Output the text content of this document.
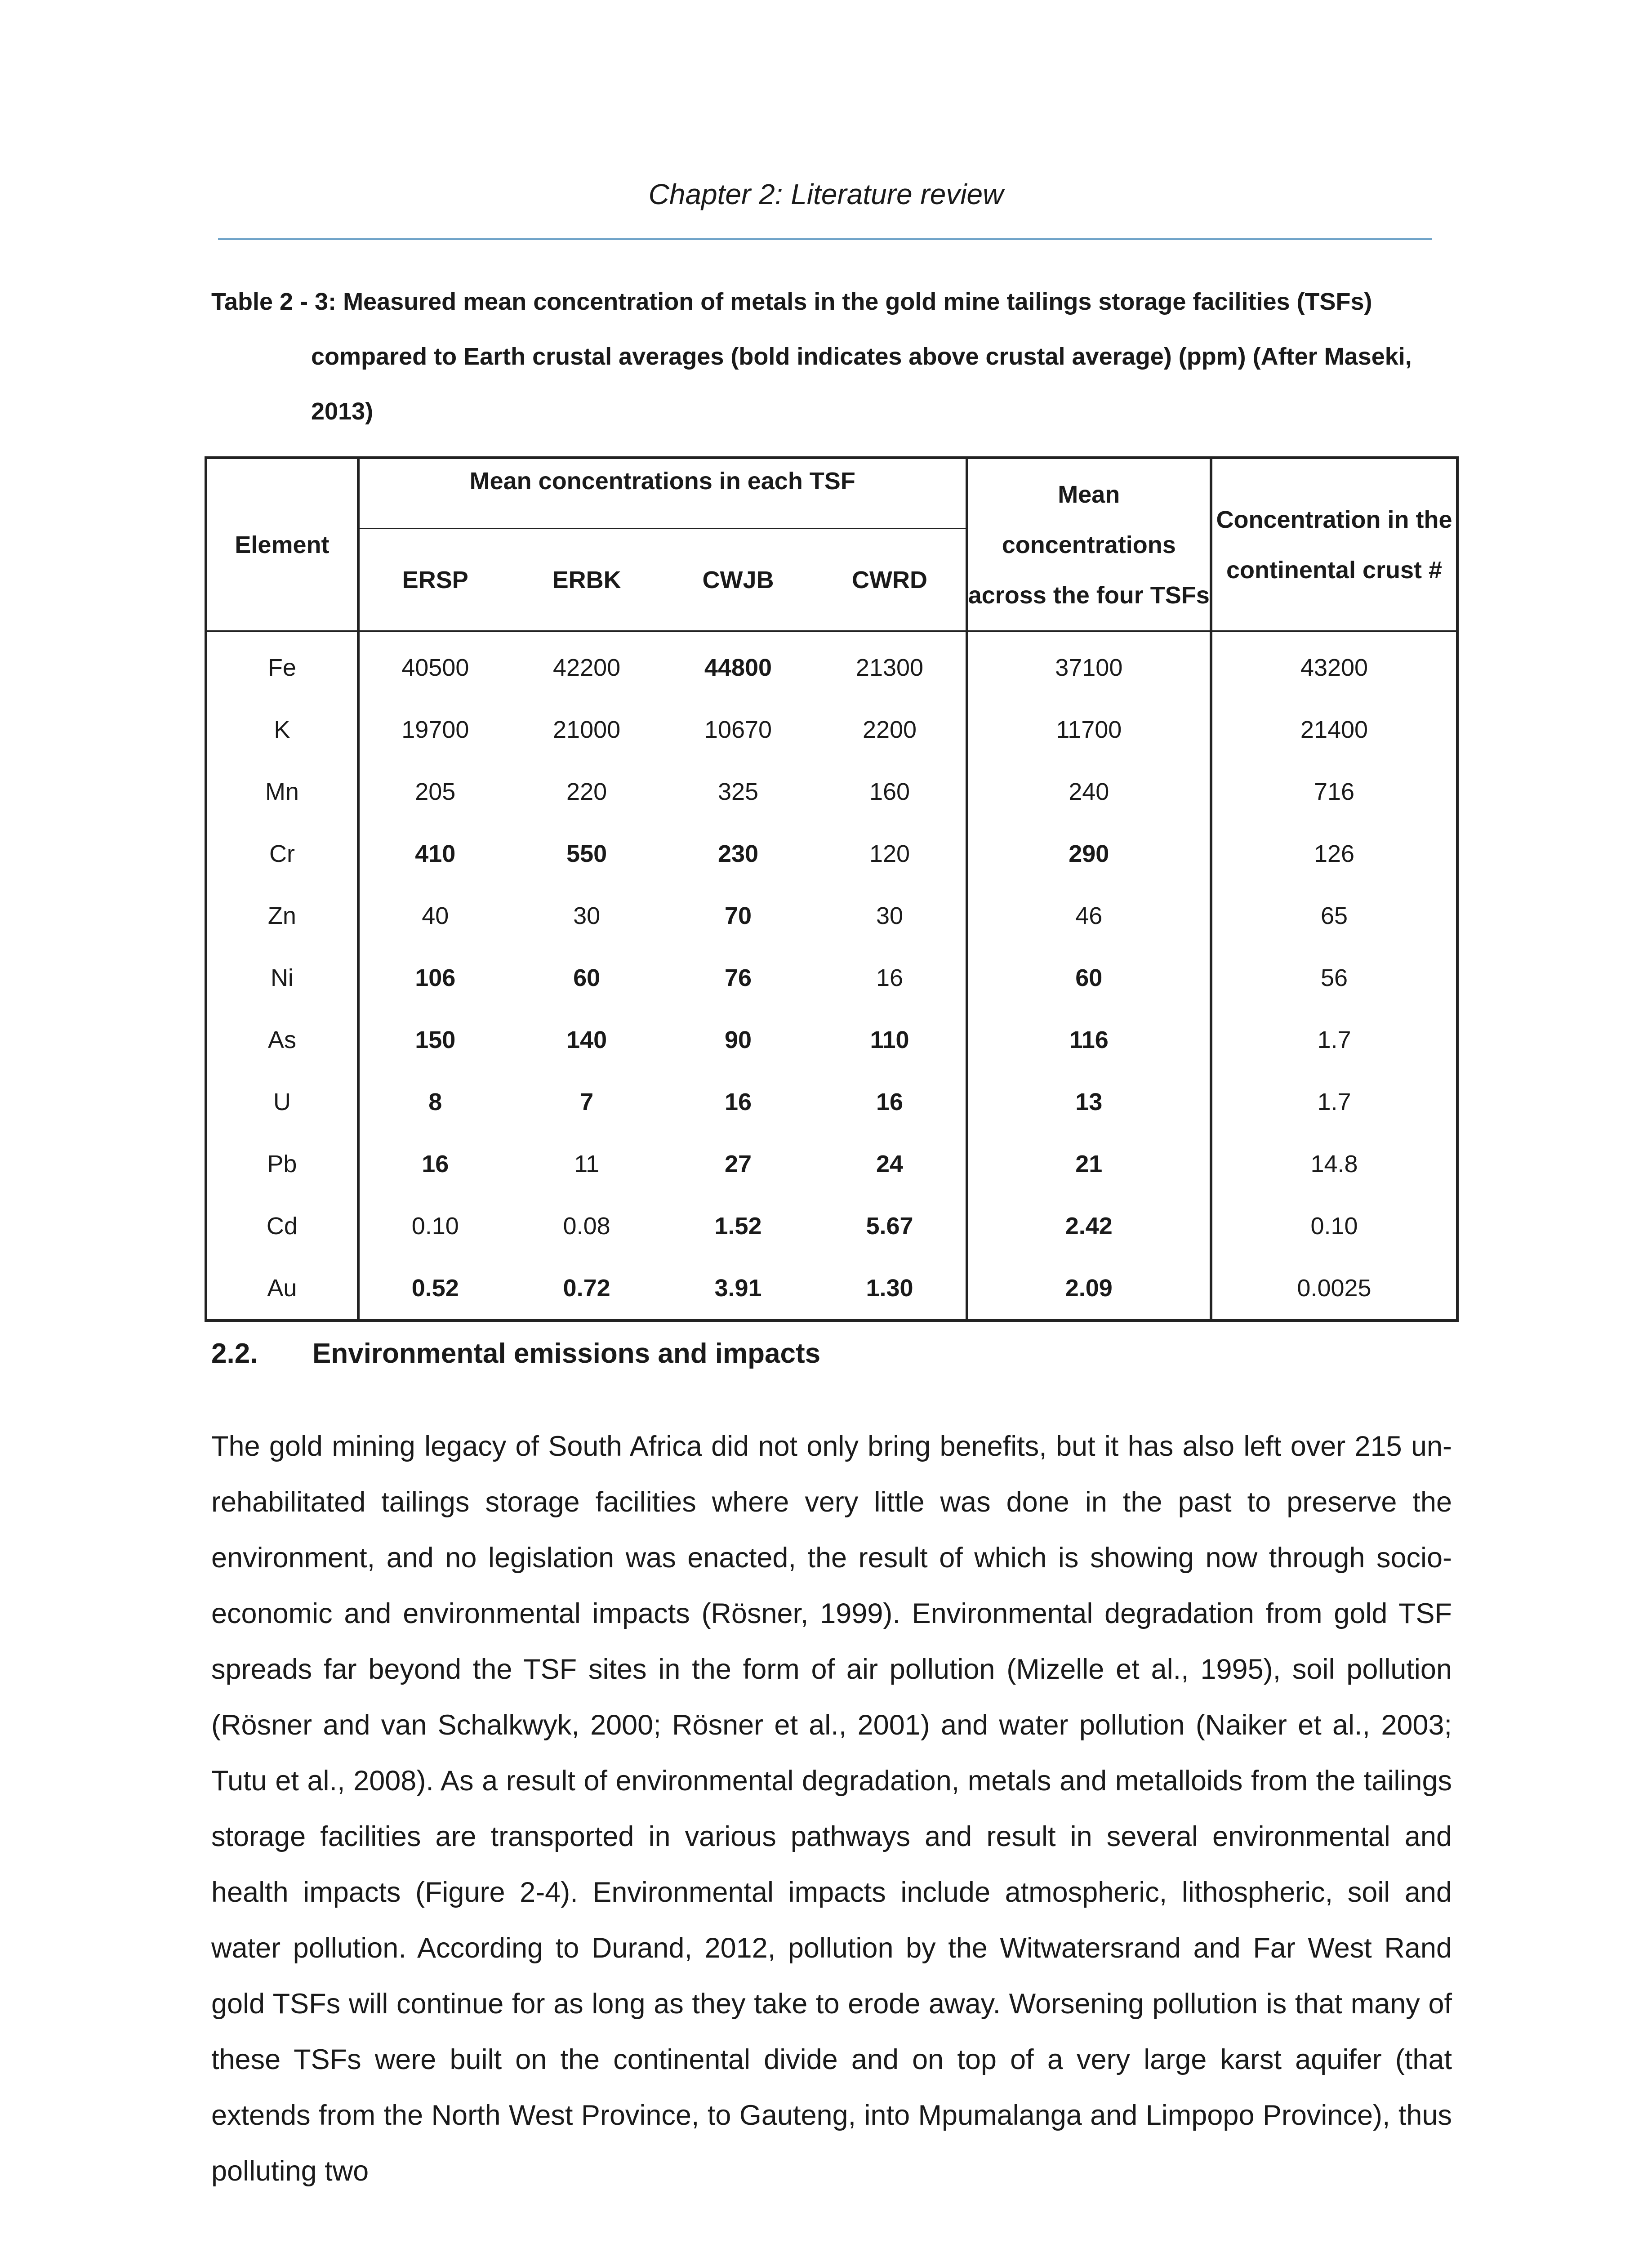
Chapter 2: Literature review
Table 2 - 3: Measured mean concentration of metals in the gold mine tailings storage facilities (TSFs)
compared to Earth crustal averages (bold indicates above crustal average) (ppm) (After Maseki,
2013)
Element	Mean concentrations in each TSF				Mean concentrations across the four TSFs	Concentration in the continental crust #
	ERSP	ERBK	CWJB	CWRD		
Fe	40500	42200	44800	21300	37100	43200
K	19700	21000	10670	2200	11700	21400
Mn	205	220	325	160	240	716
Cr	410	550	230	120	290	126
Zn	40	30	70	30	46	65
Ni	106	60	76	16	60	56
As	150	140	90	110	116	1.7
U	8	7	16	16	13	1.7
Pb	16	11	27	24	21	14.8
Cd	0.10	0.08	1.52	5.67	2.42	0.10
Au	0.52	0.72	3.91	1.30	2.09	0.0025
2.2. Environmental emissions and impacts
The gold mining legacy of South Africa did not only bring benefits, but it has also left over 215 un-rehabilitated tailings storage facilities where very little was done in the past to preserve the environment, and no legislation was enacted, the result of which is showing now through socio-economic and environmental impacts (Rösner, 1999). Environmental degradation from gold TSF spreads far beyond the TSF sites in the form of air pollution (Mizelle et al., 1995), soil pollution (Rösner and van Schalkwyk, 2000; Rösner et al., 2001) and water pollution (Naiker et al., 2003; Tutu et al., 2008). As a result of environmental degradation, metals and metalloids from the tailings storage facilities are transported in various pathways and result in several environmental and health impacts (Figure 2-4). Environmental impacts include atmospheric, lithospheric, soil and water pollution. According to Durand, 2012, pollution by the Witwatersrand and Far West Rand gold TSFs will continue for as long as they take to erode away. Worsening pollution is that many of these TSFs were built on the continental divide and on top of a very large karst aquifer (that extends from the North West Province, to Gauteng, into Mpumalanga and Limpopo Province), thus polluting two
